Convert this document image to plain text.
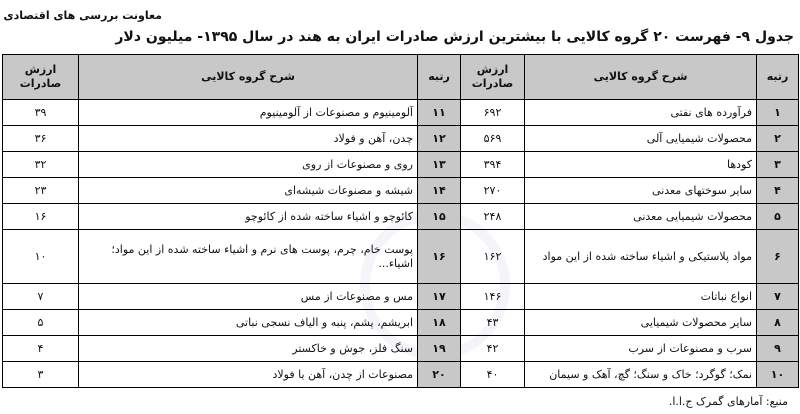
معاونت بررسی های اقتصادی
جدول ۹- فهرست ۲۰ گروه کالایی با بیشترین ارزش صادرات ایران به هند در سال ۱۳۹۵- میلیون دلار
رتبه	شرح گروه کالایی	ارزش صادرات	رتبه	شرح گروه کالایی	ارزش صادرات
۱	فرآورده های نفتی	۶۹۲	۱۱	آلومینیوم و مصنوعات از آلومینیوم	۳۹
۲	محصولات شیمیایی آلی	۵۶۹	۱۲	چدن، آهن و فولاد	۳۶
۳	کودها	۳۹۴	۱۳	روی و مصنوعات از روی	۳۲
۴	سایر سوختهای معدنی	۲۷۰	۱۴	شیشه و مصنوعات شیشه‌ای	۲۳
۵	محصولات شیمیایی معدنی	۲۴۸	۱۵	کائوچو و اشیاء ساخته شده از کائوچو	۱۶
۶	مواد پلاستیکی و اشیاء ساخته شده از این مواد	۱۶۲	۱۶	پوست خام، چرم، پوست های نرم و اشیاء ساخته شده از این مواد؛ اشیاء...	۱۰
۷	انواع نباتات	۱۴۶	۱۷	مس و مصنوعات از مس	۷
۸	سایر محصولات شیمیایی	۴۳	۱۸	ابریشم، پشم، پنبه و الیاف نسجی نباتی	۵
۹	سرب و مصنوعات از سرب	۴۲	۱۹	سنگ فلز، جوش و خاکستر	۴
۱۰	نمک؛ گوگرد؛ خاک و سنگ؛ گچ، آهک و سیمان	۴۰	۲۰	مصنوعات از چدن، آهن یا فولاد	۳
منبع: آمارهای گمرک ج.ا.ا.
